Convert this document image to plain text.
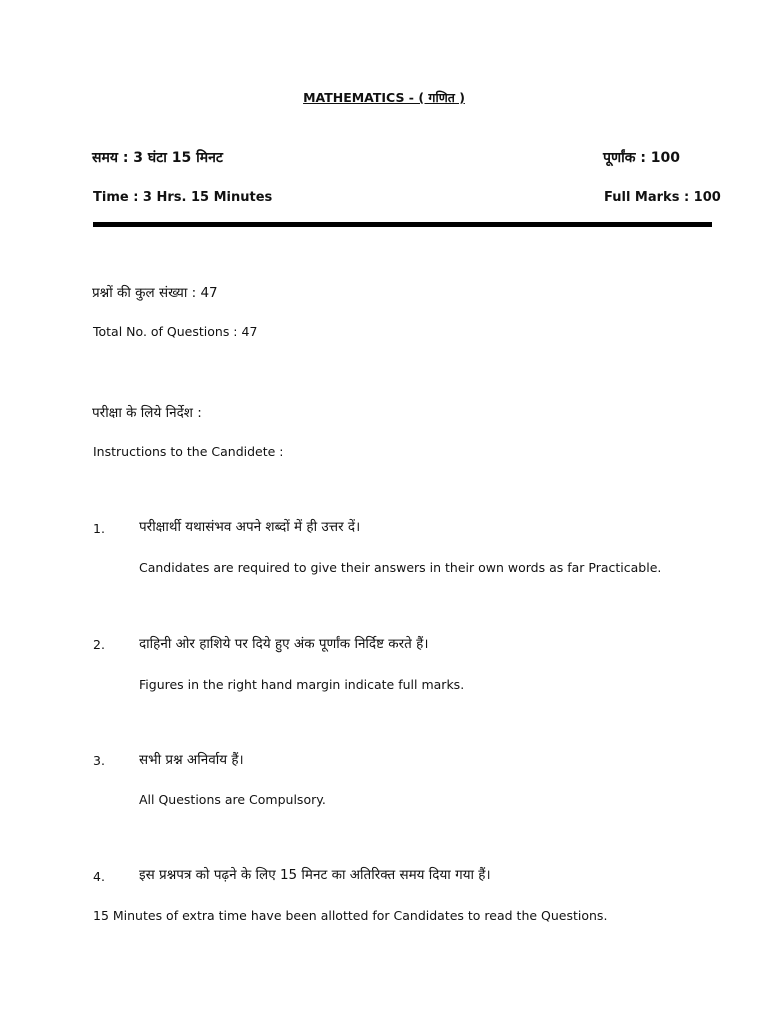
MATHEMATICS - ( गणित )
समय : 3 घंटा 15 मिनट	पूर्णांक : 100
Time : 3 Hrs. 15 Minutes	Full Marks : 100
प्रश्नों की कुल संख्या : 47
Total No. of Questions : 47
परीक्षा के लिये निर्देश :
Instructions to the Candidete :
1.	परीक्षार्थी यथासंभव अपने शब्दों में ही उत्तर दें।
Candidates are required to give their answers in their own words as far Practicable.
2.	दाहिनी ओर हाशिये पर दिये हुए अंक पूर्णांक निर्दिष्ट करते हैं।
Figures in the right hand margin indicate full marks.
3.	सभी प्रश्न अनिर्वाय हैं।
All Questions are Compulsory.
4.	इस प्रश्नपत्र को पढ़ने के लिए 15 मिनट का अतिरिक्त समय दिया गया हैं।
15 Minutes of extra time have been allotted for Candidates to read the Questions.
